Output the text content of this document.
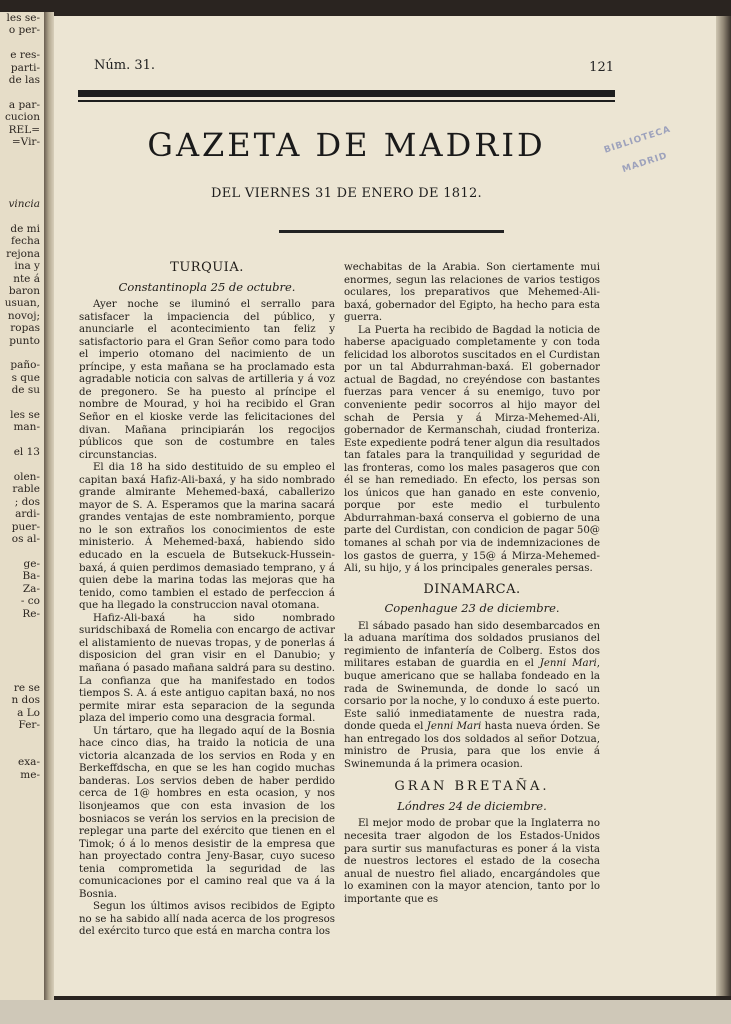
les se-
o per-

e res-
parti-
de las

a par-
cucion
REL=
=Vir-

vincia

de mi
fecha
rejona
ina y
nte á
baron
usuan,
novoj;
ropas
punto

paño-
s que
de su

les se
man-

el 13

olen-
rable
; dos
ardi-
puer-
os al-

ge-
Ba-
Za-
- co
Re-

re se
n dos
a Lo
Fer-

exa-
me-
Núm. 31.	121
GAZETA DE MADRID
DEL VIERNES 31 DE ENERO DE 1812.
BIBLIOTECA
MADRID
TURQUIA.
Constantinopla 25 de octubre.

Ayer noche se iluminó el serrallo para satisfacer la impaciencia del público, y anunciarle el acontecimiento tan feliz y satisfactorio para el Gran Señor como para todo el imperio otomano del nacimiento de un príncipe, y esta mañana se ha proclamado esta agradable noticia con salvas de artilleria y á voz de pregonero. Se ha puesto al príncipe el nombre de Mourad, y hoi ha recibido el Gran Señor en el kioske verde las felicitaciones del divan. Mañana principiarán los regocijos públicos que son de costumbre en tales circunstancias.

El dia 18 ha sido destituido de su empleo el capitan baxá Hafiz-Ali-baxá, y ha sido nombrado grande almirante Mehemed-baxá, caballerizo mayor de S. A. Esperamos que la marina sacará grandes ventajas de este nombramiento, porque no le son extraños los conocimientos de este ministerio. Á Mehemed-baxá, habiendo sido educado en la escuela de Butsekuck-Hussein-baxá, á quien perdimos demasiado temprano, y á quien debe la marina todas las mejoras que ha tenido, como tambien el estado de perfeccion á que ha llegado la construccion naval otomana.

Hafiz-Ali-baxá ha sido nombrado suridschibaxá de Romelia con encargo de activar el alistamiento de nuevas tropas, y de ponerlas á disposicion del gran visir en el Danubio; y mañana ó pasado mañana saldrá para su destino. La confianza que ha manifestado en todos tiempos S. A. á este antiguo capitan baxá, no nos permite mirar esta separacion de la segunda plaza del imperio como una desgracia formal.

Un tártaro, que ha llegado aquí de la Bosnia hace cinco dias, ha traido la noticia de una victoria alcanzada de los servios en Roda y en Berkeffdscha, en que se les han cogido muchas banderas. Los servios deben de haber perdido cerca de 1@ hombres en esta ocasion, y nos lisonjeamos que con esta invasion de los bosniacos se verán los servios en la precision de replegar una parte del exército que tienen en el Timok; ó á lo menos desistir de la empresa que han proyectado contra Jeny-Basar, cuyo suceso tenia comprometida la seguridad de las comunicaciones por el camino real que va á la Bosnia.

Segun los últimos avisos recibidos de Egipto no se ha sabido allí nada acerca de los progresos del exército turco que está en marcha contra los

wechabitas de la Arabia. Son ciertamente mui enormes, segun las relaciones de varios testigos oculares, los preparativos que Mehemed-Ali-baxá, gobernador del Egipto, ha hecho para esta guerra.

La Puerta ha recibido de Bagdad la noticia de haberse apaciguado completamente y con toda felicidad los alborotos suscitados en el Curdistan por un tal Abdurrahman-baxá. El gobernador actual de Bagdad, no creyéndose con bastantes fuerzas para vencer á su enemigo, tuvo por conveniente pedir socorros al hijo mayor del schah de Persia y á Mirza-Mehemed-Ali, gobernador de Kermanschah, ciudad fronteriza. Este expediente podrá tener algun dia resultados tan fatales para la tranquilidad y seguridad de las fronteras, como los males pasageros que con él se han remediado. En efecto, los persas son los únicos que han ganado en este convenio, porque por este medio el turbulento Abdurrahman-baxá conserva el gobierno de una parte del Curdistan, con condicion de pagar 50@ tomanes al schah por via de indemnizaciones de los gastos de guerra, y 15@ á Mirza-Mehemed-Ali, su hijo, y á los principales generales persas.

DINAMARCA.
Copenhague 23 de diciembre.

El sábado pasado han sido desembarcados en la aduana marítima dos soldados prusianos del regimiento de infantería de Colberg. Estos dos militares estaban de guardia en el Jenni Mari, buque americano que se hallaba fondeado en la rada de Swinemunda, de donde lo sacó un corsario por la noche, y lo conduxo á este puerto. Este salió inmediatamente de nuestra rada, donde queda el Jenni Mari hasta nueva órden. Se han entregado los dos soldados al señor Dotzua, ministro de Prusia, para que los envie á Swinemunda á la primera ocasion.

GRAN BRETAÑA.
Lóndres 24 de diciembre.

El mejor modo de probar que la Inglaterra no necesita traer algodon de los Estados-Unidos para surtir sus manufacturas es poner á la vista de nuestros lectores el estado de la cosecha anual de nuestro fiel aliado, encargándoles que lo examinen con la mayor atencion, tanto por lo importante que es
